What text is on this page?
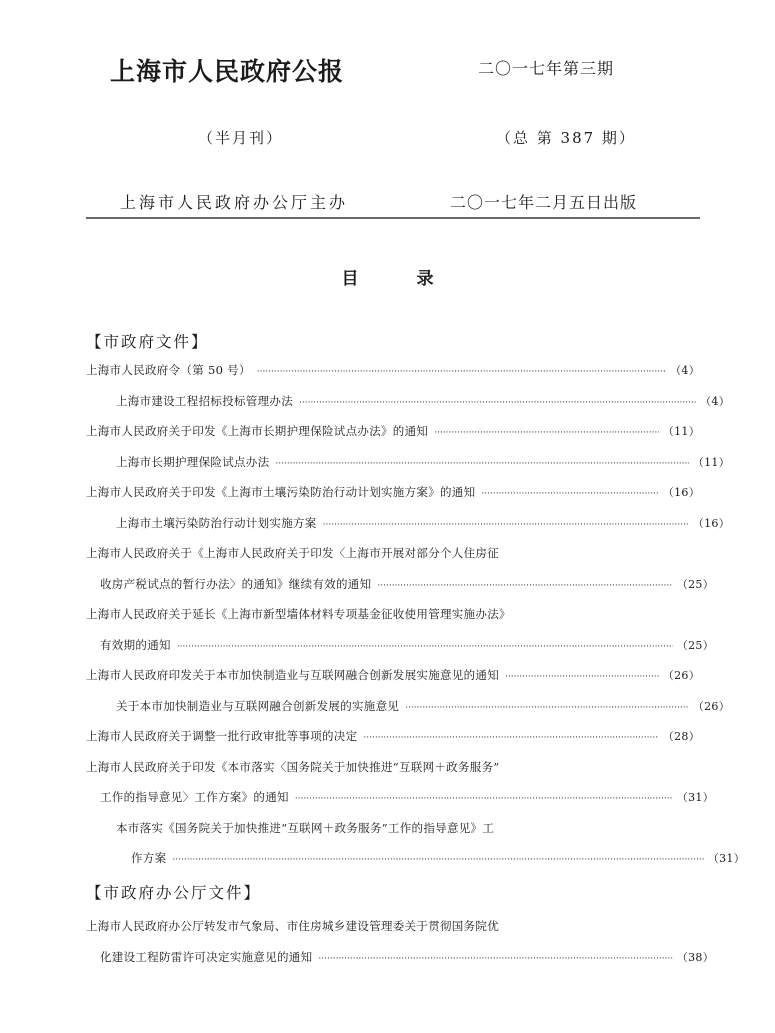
上海市人民政府公报	二〇一七年第三期
（半月刊）	（总 第 387 期）
上海市人民政府办公厅主办	二〇一七年二月五日出版
目	录
【市政府文件】
上海市人民政府令（第 50 号） ·····	（4）
上海市建设工程招标投标管理办法 ·····	（4）
上海市人民政府关于印发《上海市长期护理保险试点办法》的通知 ·····	（11）
上海市长期护理保险试点办法 ·····	（11）
上海市人民政府关于印发《上海市土壤污染防治行动计划实施方案》的通知 ·····	（16）
上海市土壤污染防治行动计划实施方案 ·····	（16）
上海市人民政府关于《上海市人民政府关于印发〈上海市开展对部分个人住房征
收房产税试点的暂行办法〉的通知》继续有效的通知 ·····	（25）
上海市人民政府关于延长《上海市新型墙体材料专项基金征收使用管理实施办法》
有效期的通知 ·····	（25）
上海市人民政府印发关于本市加快制造业与互联网融合创新发展实施意见的通知 ·····	（26）
关于本市加快制造业与互联网融合创新发展的实施意见 ·····	（26）
上海市人民政府关于调整一批行政审批等事项的决定 ·····	（28）
上海市人民政府关于印发《本市落实〈国务院关于加快推进“互联网＋政务服务”
工作的指导意见〉工作方案》的通知 ·····	（31）
本市落实《国务院关于加快推进“互联网＋政务服务”工作的指导意见》工
作方案 ·····	（31）
【市政府办公厅文件】
上海市人民政府办公厅转发市气象局、市住房城乡建设管理委关于贯彻国务院优
化建设工程防雷许可决定实施意见的通知 ·····	（38）
